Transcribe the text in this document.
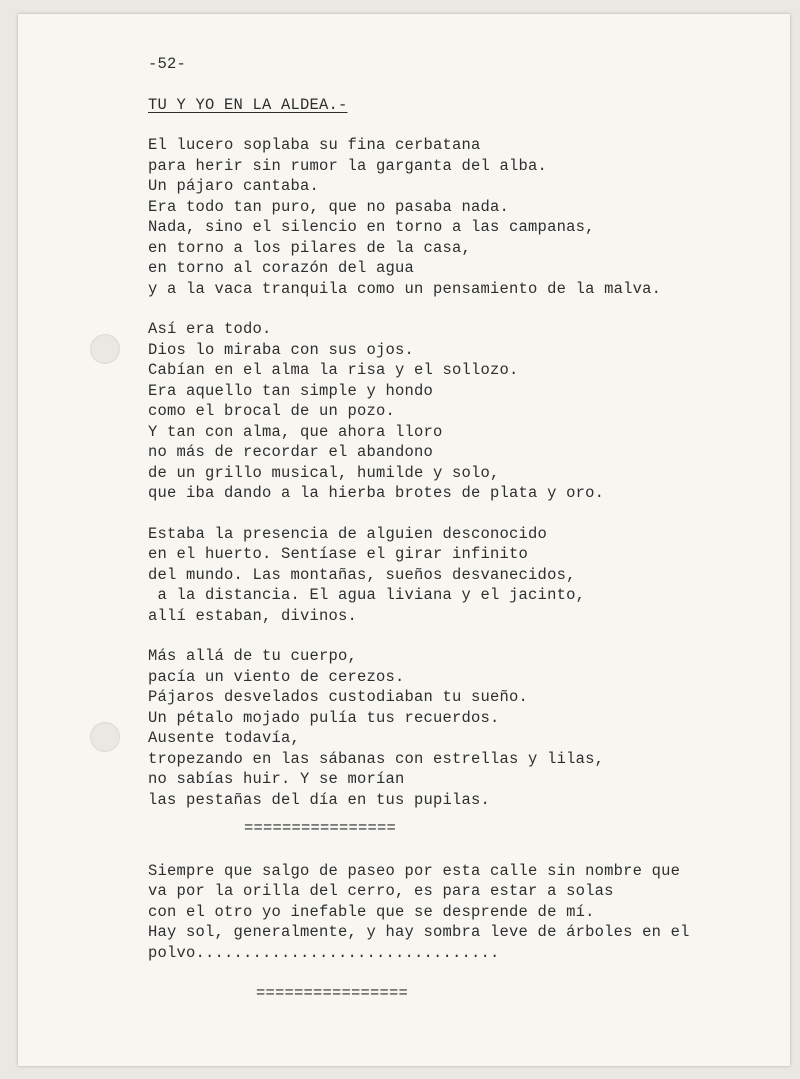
-52-
TU Y YO EN LA ALDEA.-
El lucero soplaba su fina cerbatana
para herir sin rumor la garganta del alba.
Un pájaro cantaba.
Era todo tan puro, que no pasaba nada.
Nada, sino el silencio en torno a las campanas,
en torno a los pilares de la casa,
en torno al corazón del agua
y a la vaca tranquila como un pensamiento de la malva.
Así era todo.
Dios lo miraba con sus ojos.
Cabían en el alma la risa y el sollozo.
Era aquello tan simple y hondo
como el brocal de un pozo.
Y tan con alma, que ahora lloro
no más de recordar el abandono
de un grillo musical, humilde y solo,
que iba dando a la hierba brotes de plata y oro.
Estaba la presencia de alguien desconocido
en el huerto. Sentíase el girar infinito
del mundo. Las montañas, sueños desvanecidos,
a la distancia. El agua liviana y el jacinto,
allí estaban, divinos.
Más allá de tu cuerpo,
pacía un viento de cerezos.
Pájaros desvelados custodiaban tu sueño.
Un pétalo mojado pulía tus recuerdos.
Ausente todavía,
tropezando en las sábanas con estrellas y lilas,
no sabías huir. Y se morían
las pestañas del día en tus pupilas.
================
Siempre que salgo de paseo por esta calle sin nombre que
va por la orilla del cerro, es para estar a solas
con el otro yo inefable que se desprende de mí.
Hay sol, generalmente, y hay sombra leve de árboles en el
polvo................................
================
